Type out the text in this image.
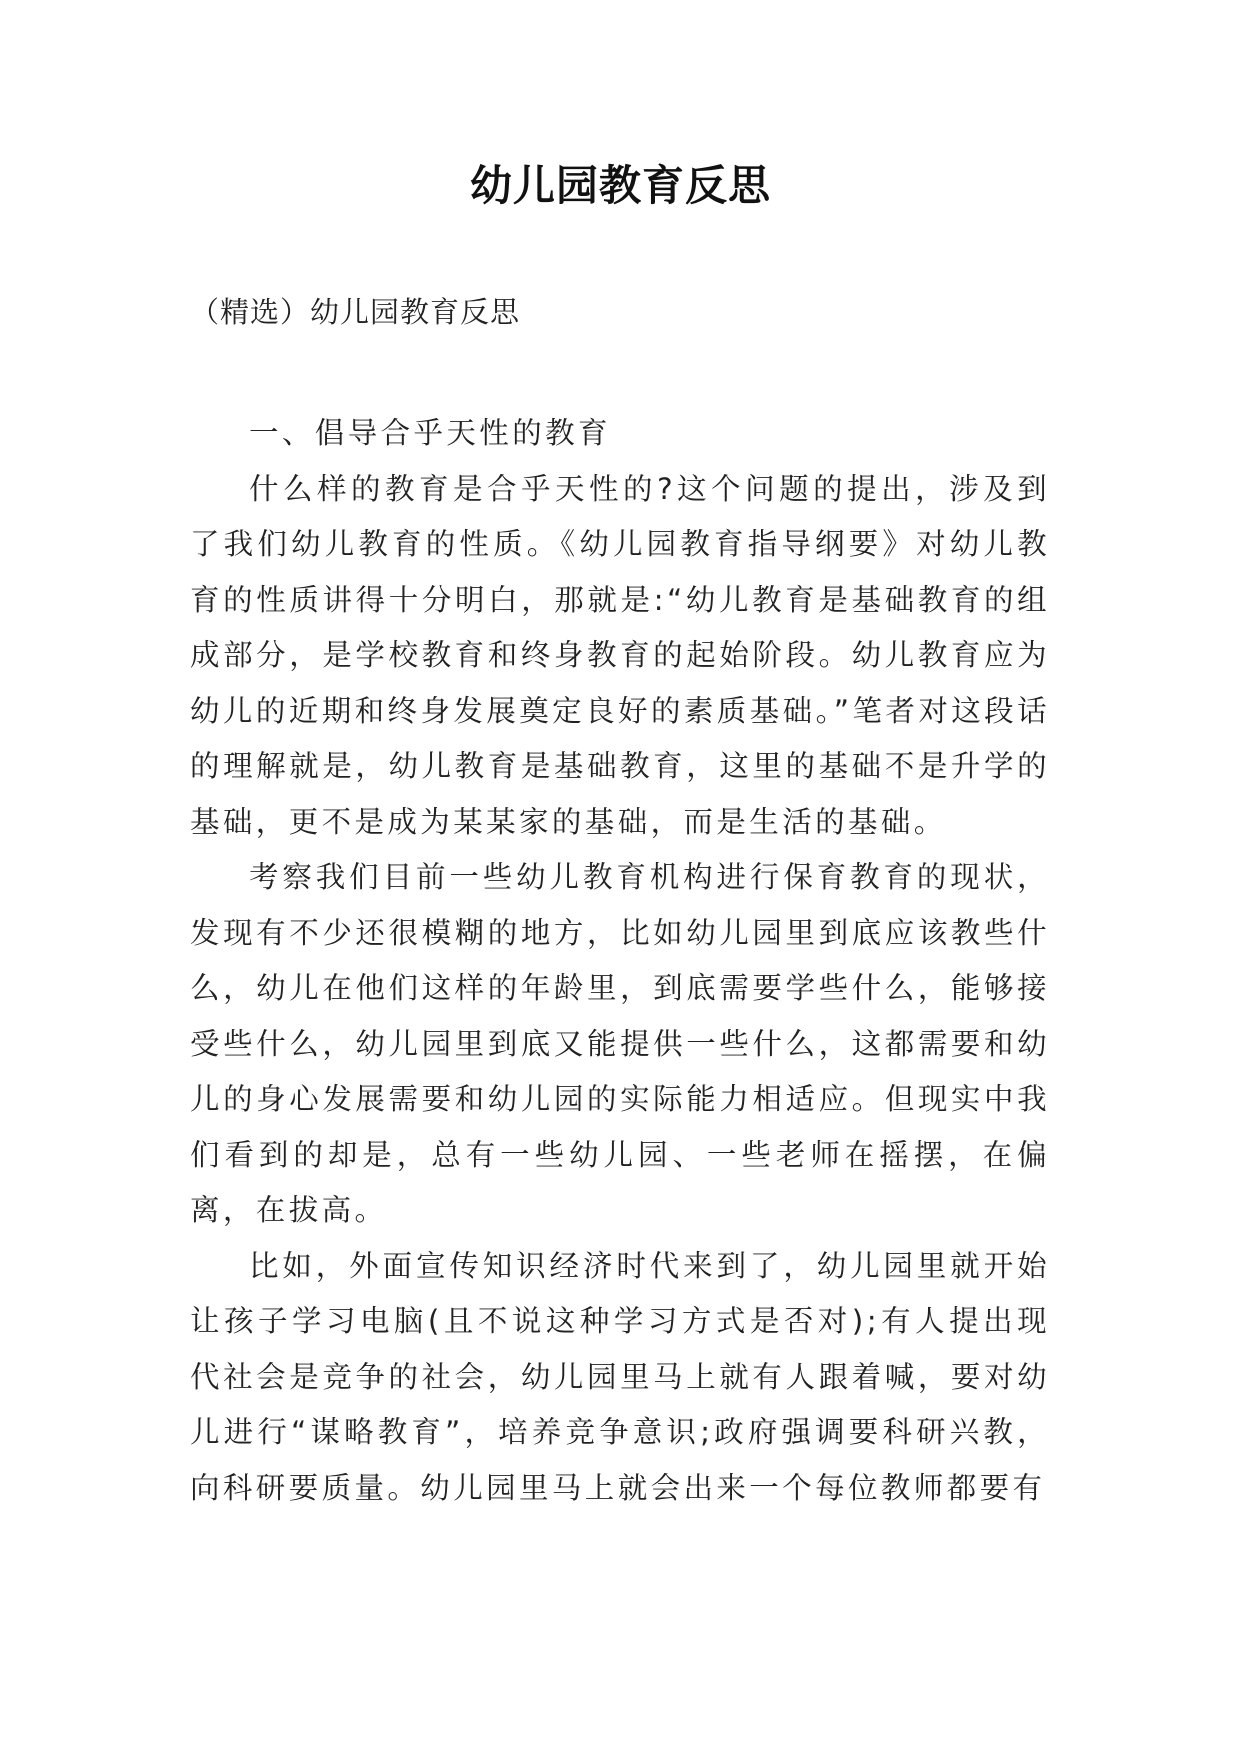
幼儿园教育反思
（精选）幼儿园教育反思

一、倡导合乎天性的教育

什么样的教育是合乎天性的?这个问题的提出，涉及到了我们幼儿教育的性质。《幼儿园教育指导纲要》对幼儿教育的性质讲得十分明白，那就是:“幼儿教育是基础教育的组成部分，是学校教育和终身教育的起始阶段。幼儿教育应为幼儿的近期和终身发展奠定良好的素质基础。”笔者对这段话的理解就是，幼儿教育是基础教育，这里的基础不是升学的基础，更不是成为某某家的基础，而是生活的基础。

考察我们目前一些幼儿教育机构进行保育教育的现状，发现有不少还很模糊的地方，比如幼儿园里到底应该教些什么，幼儿在他们这样的年龄里，到底需要学些什么，能够接受些什么，幼儿园里到底又能提供一些什么，这都需要和幼儿的身心发展需要和幼儿园的实际能力相适应。但现实中我们看到的却是，总有一些幼儿园、一些老师在摇摆，在偏离，在拔高。

比如，外面宣传知识经济时代来到了，幼儿园里就开始让孩子学习电脑(且不说这种学习方式是否对);有人提出现代社会是竞争的社会，幼儿园里马上就有人跟着喊，要对幼儿进行“谋略教育”，培养竞争意识;政府强调要科研兴教，向科研要质量。幼儿园里马上就会出来一个每位教师都要有
